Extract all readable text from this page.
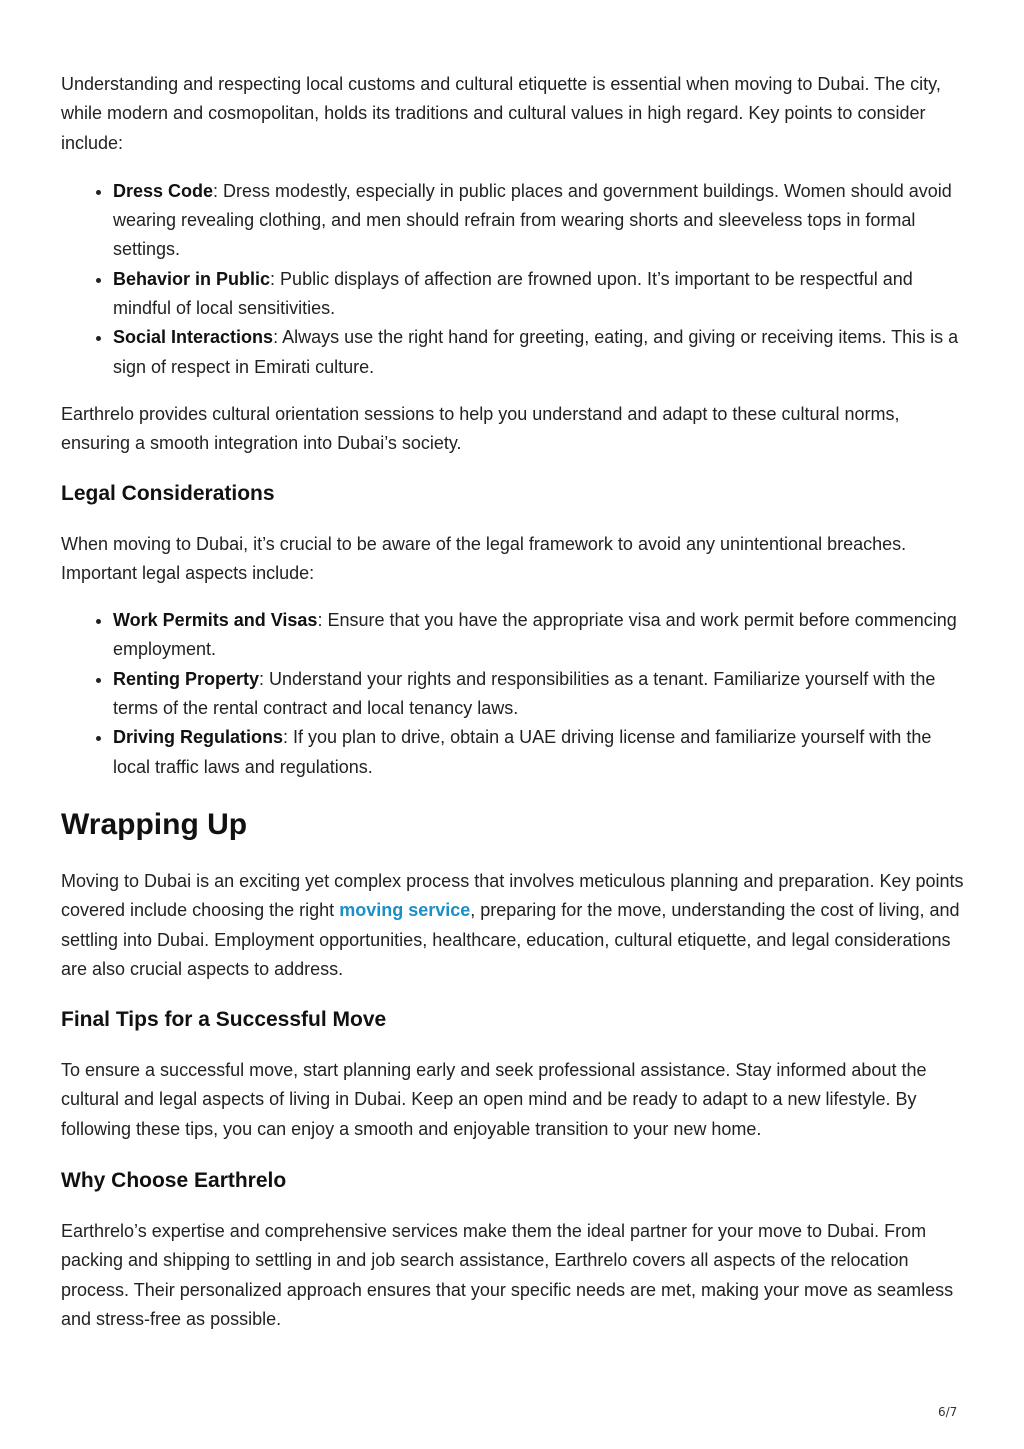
Understanding and respecting local customs and cultural etiquette is essential when moving to Dubai. The city, while modern and cosmopolitan, holds its traditions and cultural values in high regard. Key points to consider include:

• Dress Code: Dress modestly, especially in public places and government buildings. Women should avoid wearing revealing clothing, and men should refrain from wearing shorts and sleeveless tops in formal settings.
• Behavior in Public: Public displays of affection are frowned upon. It’s important to be respectful and mindful of local sensitivities.
• Social Interactions: Always use the right hand for greeting, eating, and giving or receiving items. This is a sign of respect in Emirati culture.

Earthrelo provides cultural orientation sessions to help you understand and adapt to these cultural norms, ensuring a smooth integration into Dubai’s society.

Legal Considerations

When moving to Dubai, it’s crucial to be aware of the legal framework to avoid any unintentional breaches. Important legal aspects include:

• Work Permits and Visas: Ensure that you have the appropriate visa and work permit before commencing employment.
• Renting Property: Understand your rights and responsibilities as a tenant. Familiarize yourself with the terms of the rental contract and local tenancy laws.
• Driving Regulations: If you plan to drive, obtain a UAE driving license and familiarize yourself with the local traffic laws and regulations.
Wrapping Up

Moving to Dubai is an exciting yet complex process that involves meticulous planning and preparation. Key points covered include choosing the right moving service, preparing for the move, understanding the cost of living, and settling into Dubai. Employment opportunities, healthcare, education, cultural etiquette, and legal considerations are also crucial aspects to address.

Final Tips for a Successful Move

To ensure a successful move, start planning early and seek professional assistance. Stay informed about the cultural and legal aspects of living in Dubai. Keep an open mind and be ready to adapt to a new lifestyle. By following these tips, you can enjoy a smooth and enjoyable transition to your new home.

Why Choose Earthrelo

Earthrelo’s expertise and comprehensive services make them the ideal partner for your move to Dubai. From packing and shipping to settling in and job search assistance, Earthrelo covers all aspects of the relocation process. Their personalized approach ensures that your specific needs are met, making your move as seamless and stress-free as possible.

6/7
